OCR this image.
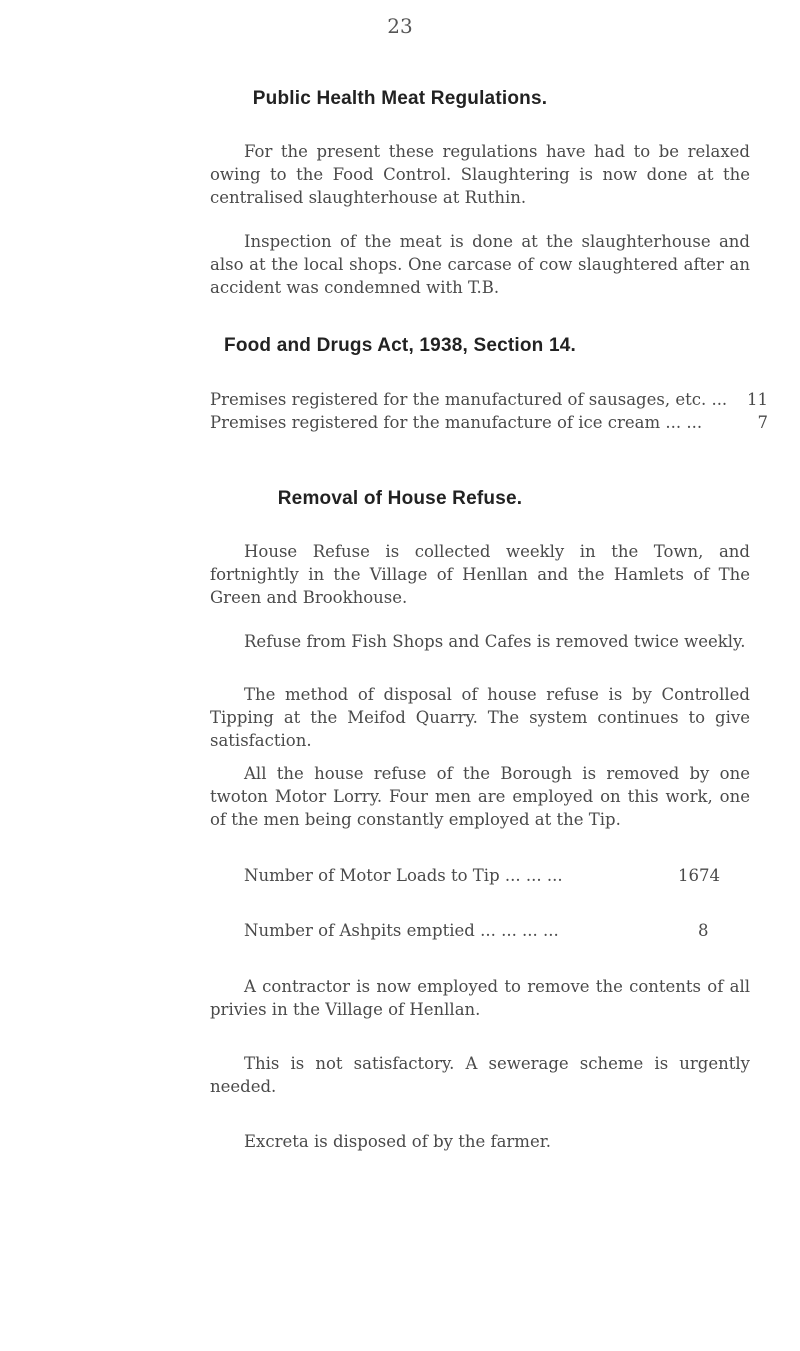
23
Public Health Meat Regulations.

For the present these regulations have had to be relaxed owing to the Food Control. Slaughtering is now done at the centralised slaughterhouse at Ruthin.

Inspection of the meat is done at the slaughterhouse and also at the local shops. One carcase of cow slaughtered after an accident was condemned with T.B.

Food and Drugs Act, 1938, Section 14.
Premises registered for the manufactured of sausages, etc. ... 11
Premises registered for the manufacture of ice cream ... ...	7
Removal of House Refuse.

House Refuse is collected weekly in the Town, and fortnightly in the Village of Henllan and the Hamlets of The Green and Brookhouse.

Refuse from Fish Shops and Cafes is removed twice weekly.

The method of disposal of house refuse is by Controlled Tipping at the Meifod Quarry. The system continues to give satisfaction.

All the house refuse of the Borough is removed by one twoton Motor Lorry. Four men are employed on this work, one of the men being constantly employed at the Tip.

Number of Motor Loads to Tip ... ... ...	1674
Number of Ashpits emptied ... ... ... ...	8

A contractor is now employed to remove the contents of all privies in the Village of Henllan.

This is not satisfactory. A sewerage scheme is urgently needed.

Excreta is disposed of by the farmer.
